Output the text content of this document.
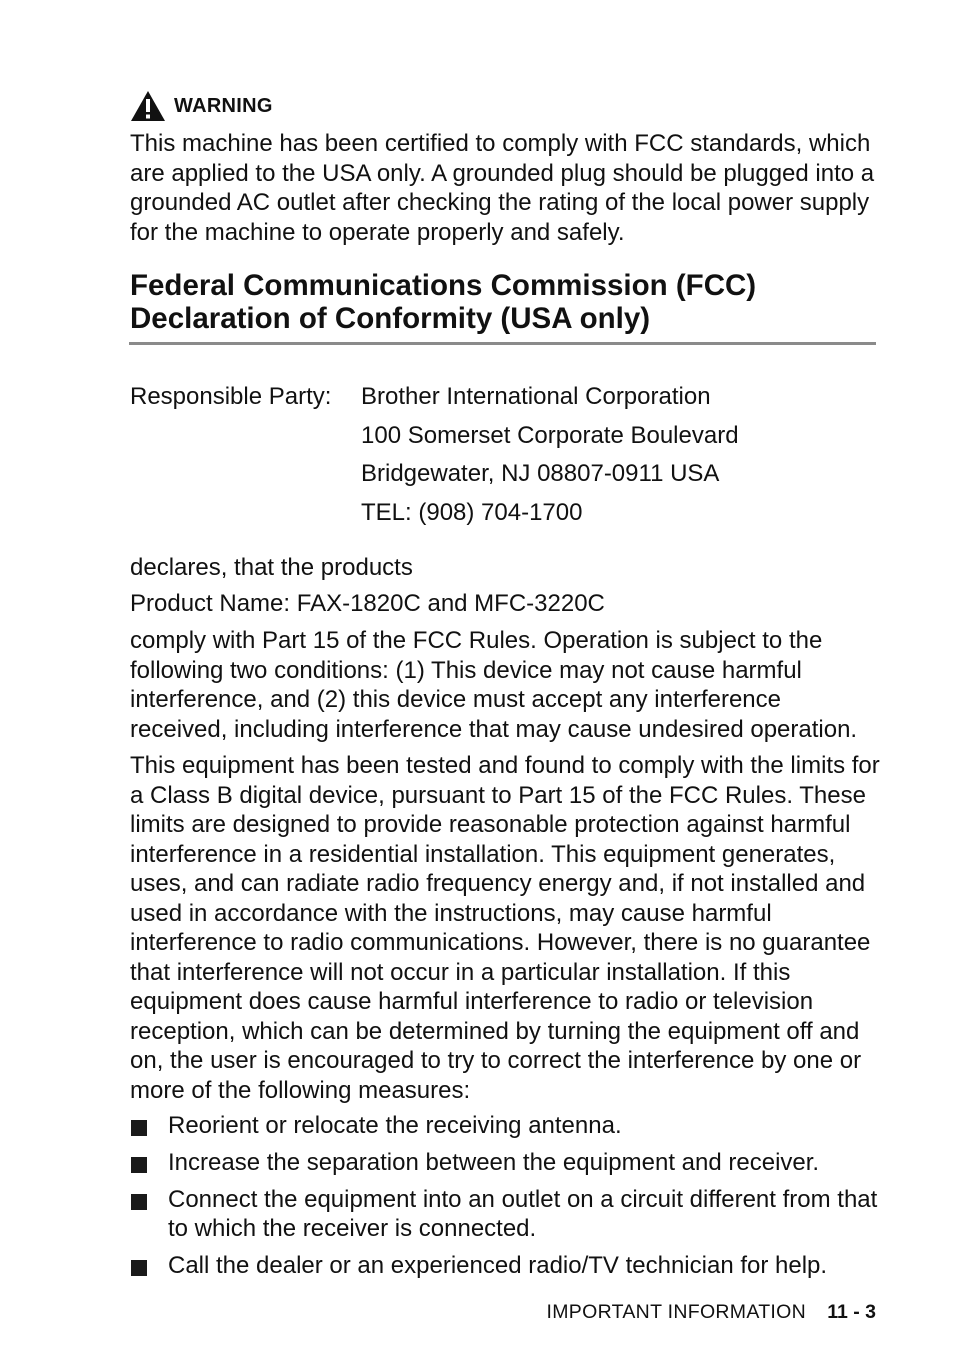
WARNING

This machine has been certified to comply with FCC standards, which are applied to the USA only. A grounded plug should be plugged into a grounded AC outlet after checking the rating of the local power supply for the machine to operate properly and safely.

Federal Communications Commission (FCC)
Declaration of Conformity (USA only)
Responsible Party: Brother International Corporation
100 Somerset Corporate Boulevard
Bridgewater, NJ 08807-0911 USA
TEL: (908) 704-1700

declares, that the products

Product Name: FAX-1820C and MFC-3220C

comply with Part 15 of the FCC Rules. Operation is subject to the following two conditions: (1) This device may not cause harmful interference, and (2) this device must accept any interference received, including interference that may cause undesired operation.

This equipment has been tested and found to comply with the limits for a Class B digital device, pursuant to Part 15 of the FCC Rules. These limits are designed to provide reasonable protection against harmful interference in a residential installation. This equipment generates, uses, and can radiate radio frequency energy and, if not installed and used in accordance with the instructions, may cause harmful interference to radio communications. However, there is no guarantee that interference will not occur in a particular installation. If this equipment does cause harmful interference to radio or television reception, which can be determined by turning the equipment off and on, the user is encouraged to try to correct the interference by one or more of the following measures:

Reorient or relocate the receiving antenna.
Increase the separation between the equipment and receiver.
Connect the equipment into an outlet on a circuit different from that to which the receiver is connected.
Call the dealer or an experienced radio/TV technician for help.
IMPORTANT INFORMATION 11 - 3
